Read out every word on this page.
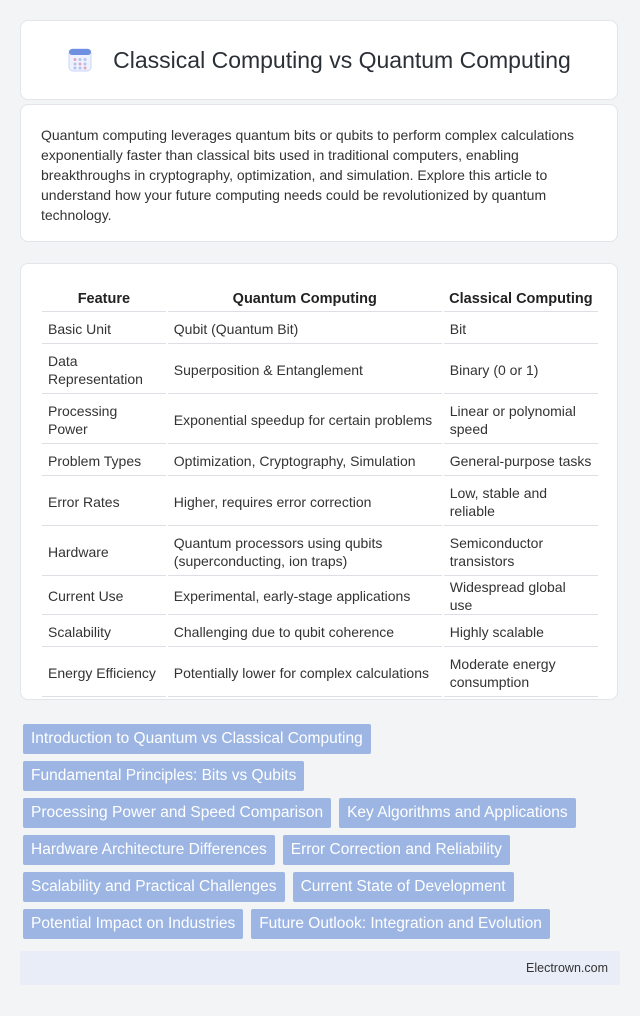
Classical Computing vs Quantum Computing

Quantum computing leverages quantum bits or qubits to perform complex calculations exponentially faster than classical bits used in traditional computers, enabling breakthroughs in cryptography, optimization, and simulation. Explore this article to understand how your future computing needs could be revolutionized by quantum technology.

Feature	Quantum Computing	Classical Computing
Basic Unit	Qubit (Quantum Bit)	Bit
Data Representation	Superposition & Entanglement	Binary (0 or 1)
Processing Power	Exponential speedup for certain problems	Linear or polynomial speed
Problem Types	Optimization, Cryptography, Simulation	General-purpose tasks
Error Rates	Higher, requires error correction	Low, stable and reliable
Hardware	Quantum processors using qubits (superconducting, ion traps)	Semiconductor transistors
Current Use	Experimental, early-stage applications	Widespread global use
Scalability	Challenging due to qubit coherence	Highly scalable
Energy Efficiency	Potentially lower for complex calculations	Moderate energy consumption
Introduction to Quantum vs Classical Computing
Fundamental Principles: Bits vs Qubits
Processing Power and Speed Comparison	Key Algorithms and Applications
Hardware Architecture Differences	Error Correction and Reliability
Scalability and Practical Challenges	Current State of Development
Potential Impact on Industries	Future Outlook: Integration and Evolution
Electrown.com
